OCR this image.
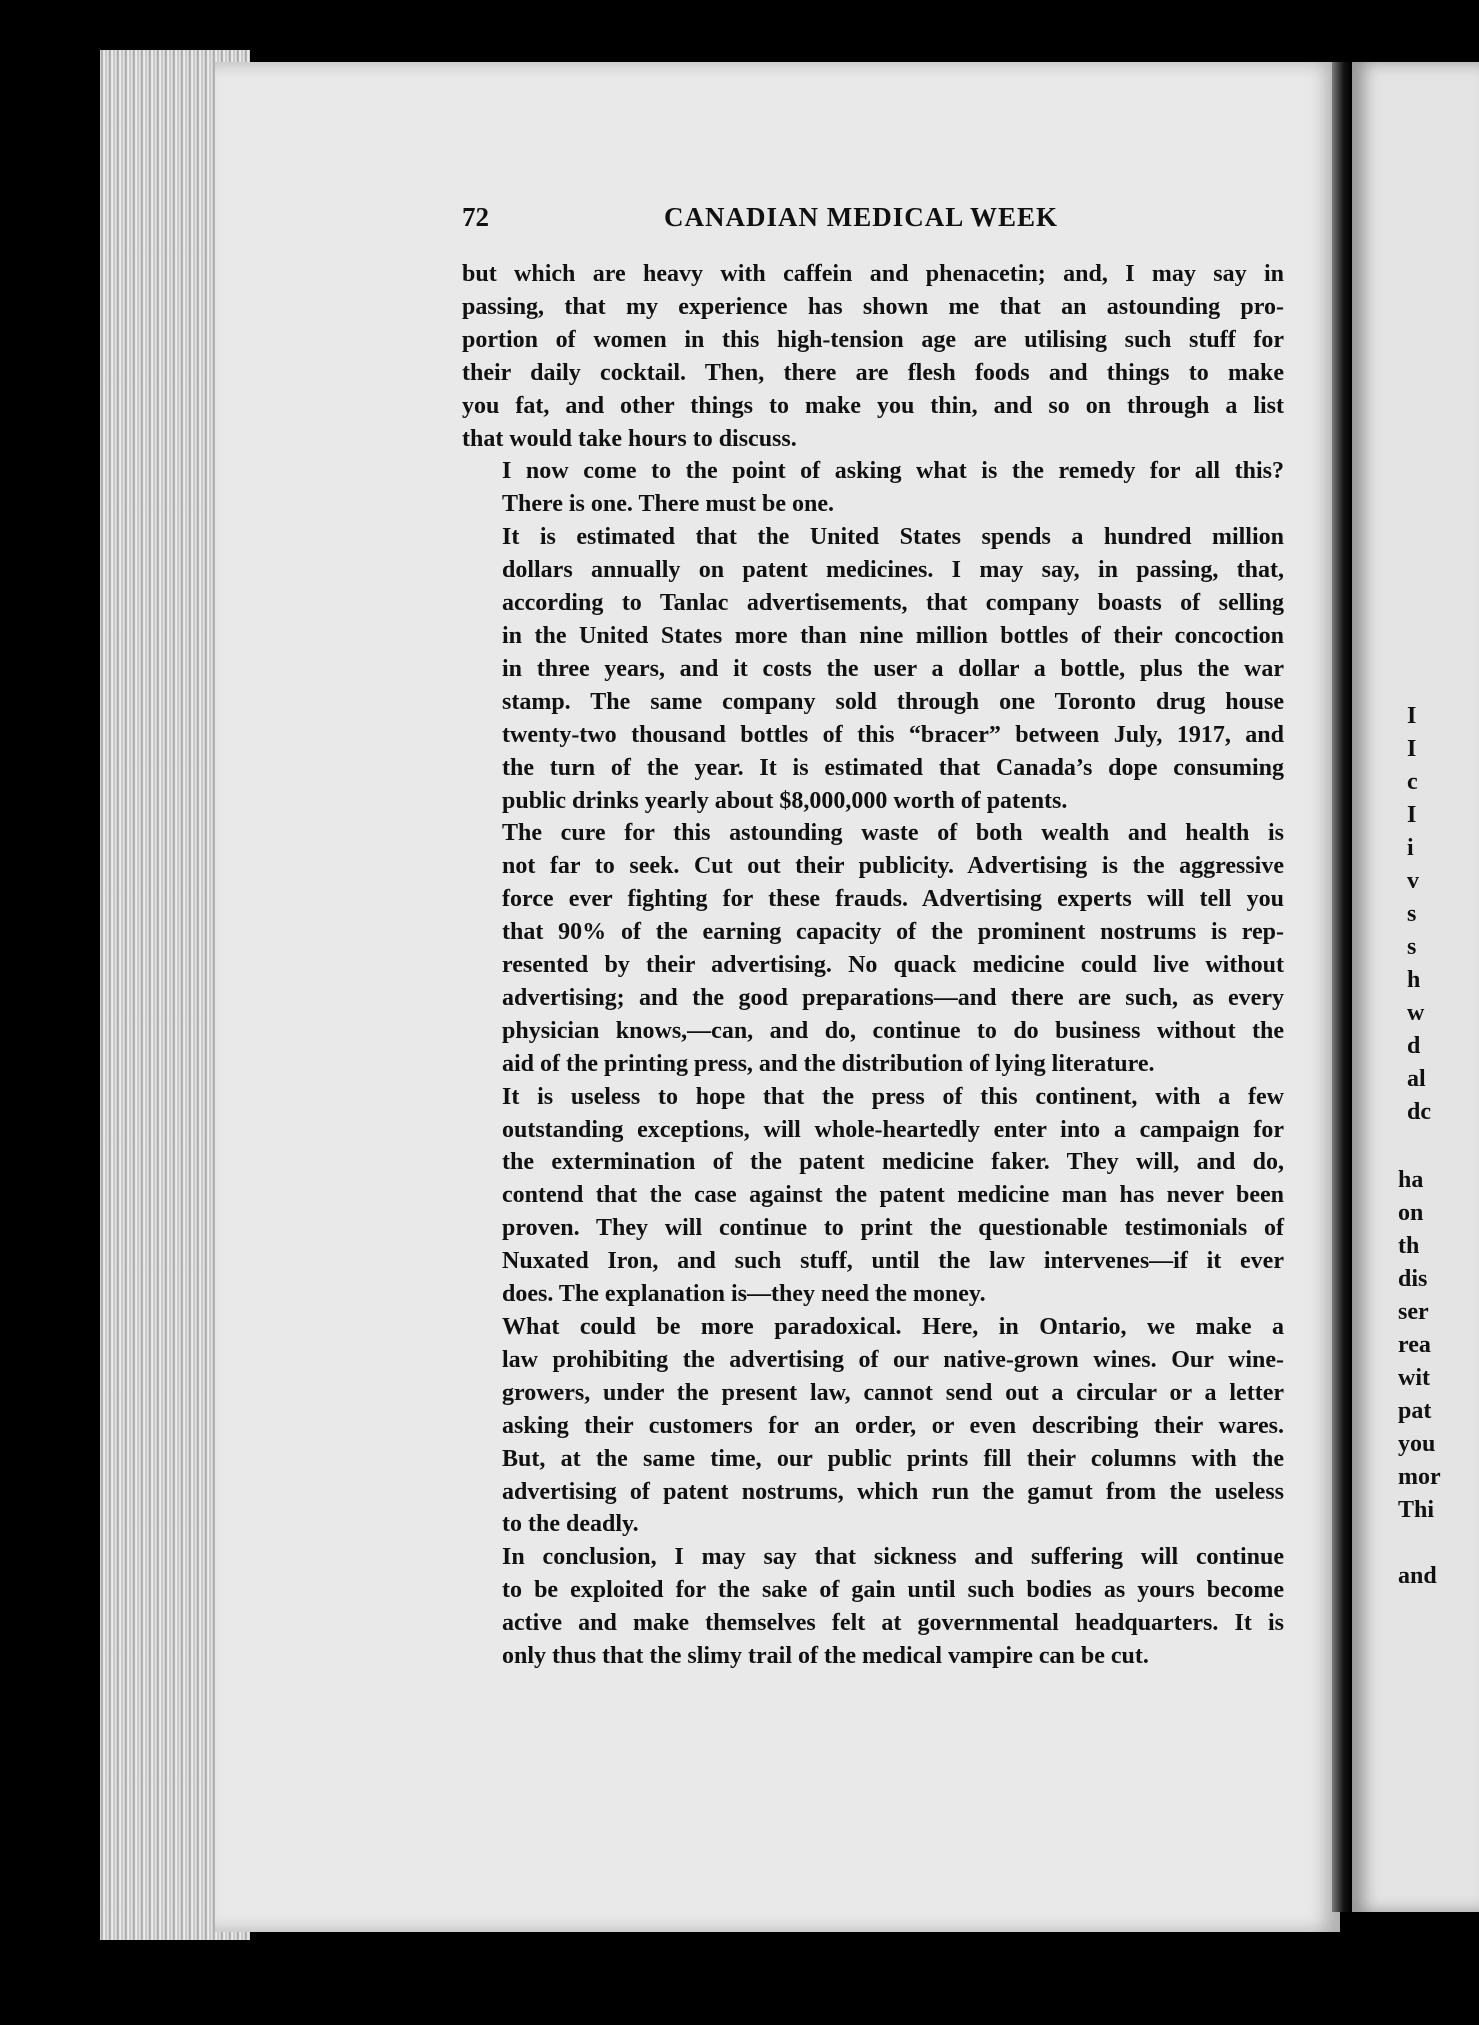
I
I
c
I
i
v
s
s
h
w
d
al
dc
ha
on
th
dis
ser
rea
wit
pat
you
mor
Thi
and
72	CANADIAN MEDICAL WEEK

but which are heavy with caffein and phenacetin; and, I may say in
passing, that my experience has shown me that an astounding pro-
portion of women in this high-tension age are utilising such stuff for
their daily cocktail. Then, there are flesh foods and things to make
you fat, and other things to make you thin, and so on through a list
that would take hours to discuss.

I now come to the point of asking what is the remedy for all this?
There is one. There must be one.

It is estimated that the United States spends a hundred million
dollars annually on patent medicines. I may say, in passing, that,
according to Tanlac advertisements, that company boasts of selling
in the United States more than nine million bottles of their concoction
in three years, and it costs the user a dollar a bottle, plus the war
stamp. The same company sold through one Toronto drug house
twenty-two thousand bottles of this “bracer” between July, 1917, and
the turn of the year. It is estimated that Canada’s dope consuming
public drinks yearly about $8,000,000 worth of patents.

The cure for this astounding waste of both wealth and health is
not far to seek. Cut out their publicity. Advertising is the aggressive
force ever fighting for these frauds. Advertising experts will tell you
that 90% of the earning capacity of the prominent nostrums is rep-
resented by their advertising. No quack medicine could live without
advertising; and the good preparations—and there are such, as every
physician knows,—can, and do, continue to do business without the
aid of the printing press, and the distribution of lying literature.

It is useless to hope that the press of this continent, with a few
outstanding exceptions, will whole-heartedly enter into a campaign for
the extermination of the patent medicine faker. They will, and do,
contend that the case against the patent medicine man has never been
proven. They will continue to print the questionable testimonials of
Nuxated Iron, and such stuff, until the law intervenes—if it ever
does. The explanation is—they need the money.

What could be more paradoxical. Here, in Ontario, we make a
law prohibiting the advertising of our native-grown wines. Our wine-
growers, under the present law, cannot send out a circular or a letter
asking their customers for an order, or even describing their wares.
But, at the same time, our public prints fill their columns with the
advertising of patent nostrums, which run the gamut from the useless
to the deadly.

In conclusion, I may say that sickness and suffering will continue
to be exploited for the sake of gain until such bodies as yours become
active and make themselves felt at governmental headquarters. It is
only thus that the slimy trail of the medical vampire can be cut.
